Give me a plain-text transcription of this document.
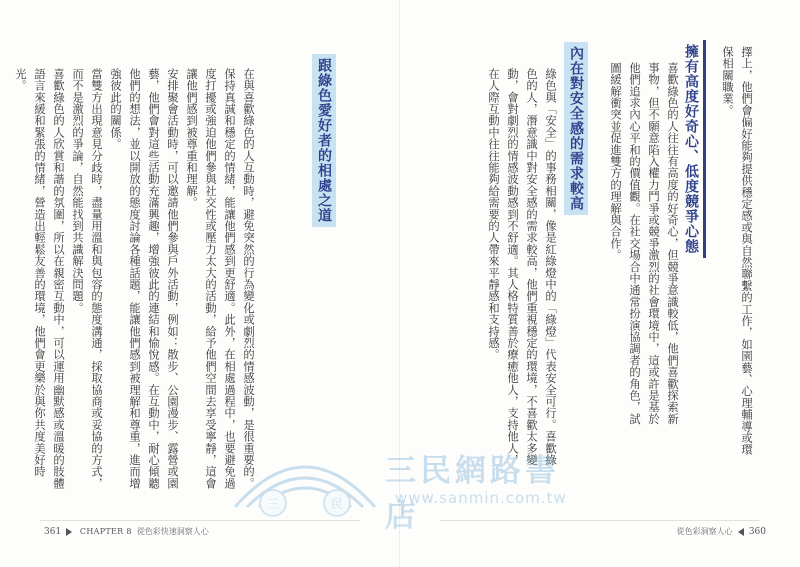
跟綠色愛好者的相處之道

在與喜歡綠色的人互動時，避免突然的行為變化或劇烈的情感波動，是很重要的。保持真誠和穩定的情緒，能讓他們感到更舒適。此外，在相處過程中，也要避免過度打擾或強迫他們參與社交性或壓力太大的活動，給予他們空間去享受寧靜，這會讓他們感到被尊重和理解。
安排聚會活動時，可以邀請他們參與戶外活動，例如：散步、公園漫步、露營或園藝，他們會對這些活動充滿興趣，增強彼此的連結和愉悅感。在互動中，耐心傾聽他們的想法，並以開放的態度討論各種話題，能讓他們感到被理解和尊重，進而增強彼此的關係。
當雙方出現意見分歧時，盡量用溫和與包容的態度溝通，採取協商或妥協的方式，而不是激烈的爭論，自然能找到共識解決問題。
喜歡綠色的人欣賞和諧的氛圍，所以在親密互動中，可以運用幽默感或溫暖的肢體語言來緩和緊張的情緒，營造出輕鬆友善的環境，他們會更樂於與你共度美好時光。

361 CHAPTER 8 從色彩快速洞察人心
擇上，他們會偏好能夠提供穩定感或與自然聯繫的工作，如園藝、心理輔導或環保相關職業。
擁有高度好奇心、低度競爭心態
喜歡綠色的人往往有高度的好奇心，但競爭意識較低，他們喜歡探索新事物，但不願意陷入權力鬥爭或競爭激烈的社會環境中，這或許是基於他們追求內心平和的價值觀。在社交場合中通常扮演協調者的角色，試圖緩解衝突並促進雙方的理解與合作。
內在對安全感的需求較高
綠色與「安全」的事務相關，像是紅綠燈中的「綠燈」代表安全可行。喜歡綠色的人，潛意識中對安全感的需求較高，他們重視穩定的環境，不喜歡太多變動，會對劇烈的情感波動感到不舒適。其人格特質善於療癒他人，支持他人，在人際互動中往往能夠給需要的人帶來平靜感和支持感。
從色彩洞察人心 360
三	民
三民網路書店
www.sanmin.com.tw
